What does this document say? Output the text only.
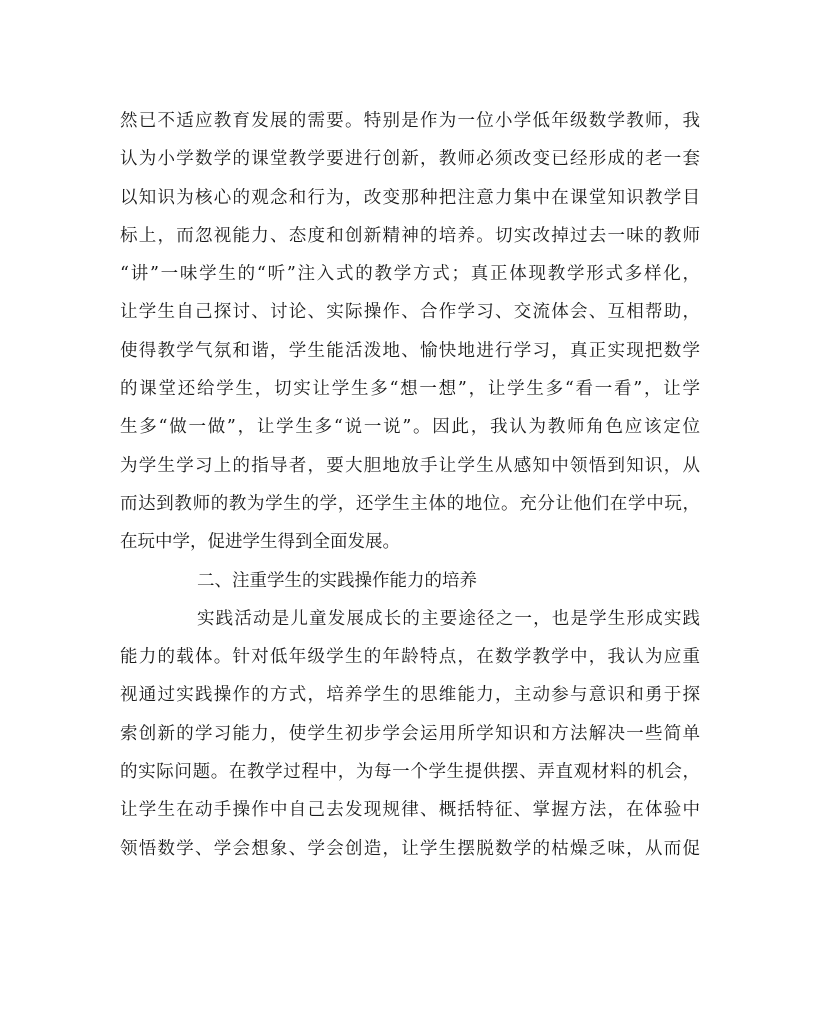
然已不适应教育发展的需要。特别是作为一位小学低年级数学教师，我
认为小学数学的课堂教学要进行创新，教师必须改变已经形成的老一套
以知识为核心的观念和行为，改变那种把注意力集中在课堂知识教学目
标上，而忽视能力、态度和创新精神的培养。切实改掉过去一味的教师
“讲”一味学生的“听”注入式的教学方式；真正体现教学形式多样化，
让学生自己探讨、讨论、实际操作、合作学习、交流体会、互相帮助，
使得教学气氛和谐，学生能活泼地、愉快地进行学习，真正实现把数学
的课堂还给学生，切实让学生多“想一想”，让学生多“看一看”，让学
生多“做一做”，让学生多“说一说”。因此，我认为教师角色应该定位
为学生学习上的指导者，要大胆地放手让学生从感知中领悟到知识，从
而达到教师的教为学生的学，还学生主体的地位。充分让他们在学中玩，
在玩中学，促进学生得到全面发展。
二、注重学生的实践操作能力的培养
实践活动是儿童发展成长的主要途径之一，也是学生形成实践
能力的载体。针对低年级学生的年龄特点，在数学教学中，我认为应重
视通过实践操作的方式，培养学生的思维能力，主动参与意识和勇于探
索创新的学习能力，使学生初步学会运用所学知识和方法解决一些简单
的实际问题。在教学过程中，为每一个学生提供摆、弄直观材料的机会，
让学生在动手操作中自己去发现规律、概括特征、掌握方法，在体验中
领悟数学、学会想象、学会创造，让学生摆脱数学的枯燥乏味，从而促
